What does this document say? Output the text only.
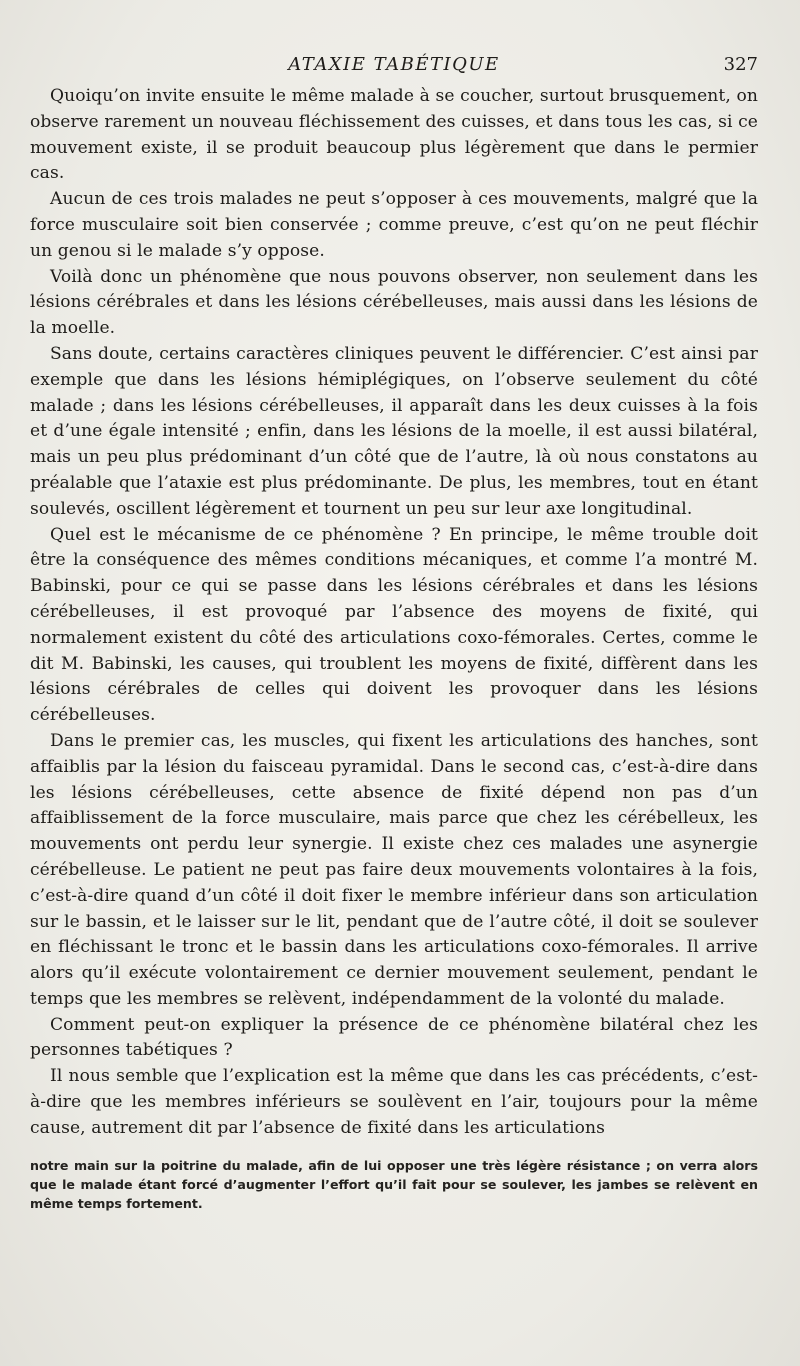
ATAXIE TABÉTIQUE	327

Quoiqu’on invite ensuite le même malade à se coucher, surtout brusquement, on observe rarement un nouveau fléchissement des cuisses, et dans tous les cas, si ce mouvement existe, il se produit beaucoup plus légèrement que dans le permier cas.

Aucun de ces trois malades ne peut s’opposer à ces mouvements, malgré que la force musculaire soit bien conservée ; comme preuve, c’est qu’on ne peut fléchir un genou si le malade s’y oppose.

Voilà donc un phénomène que nous pouvons observer, non seulement dans les lésions cérébrales et dans les lésions cérébelleuses, mais aussi dans les lésions de la moelle.

Sans doute, certains caractères cliniques peuvent le différencier. C’est ainsi par exemple que dans les lésions hémiplégiques, on l’observe seulement du côté malade ; dans les lésions cérébelleuses, il apparaît dans les deux cuisses à la fois et d’une égale intensité ; enfin, dans les lésions de la moelle, il est aussi bilatéral, mais un peu plus prédominant d’un côté que de l’autre, là où nous constatons au préalable que l’ataxie est plus prédominante. De plus, les membres, tout en étant soulevés, oscillent légèrement et tournent un peu sur leur axe longitudinal.

Quel est le mécanisme de ce phénomène ? En principe, le même trouble doit être la conséquence des mêmes conditions mécaniques, et comme l’a montré M. Babinski, pour ce qui se passe dans les lésions cérébrales et dans les lésions cérébelleuses, il est provoqué par l’absence des moyens de fixité, qui normalement existent du côté des articulations coxo-fémorales. Certes, comme le dit M. Babinski, les causes, qui troublent les moyens de fixité, diffèrent dans les lésions cérébrales de celles qui doivent les provoquer dans les lésions cérébelleuses.

Dans le premier cas, les muscles, qui fixent les articulations des hanches, sont affaiblis par la lésion du faisceau pyramidal. Dans le second cas, c’est-à-dire dans les lésions cérébelleuses, cette absence de fixité dépend non pas d’un affaiblissement de la force musculaire, mais parce que chez les cérébelleux, les mouvements ont perdu leur synergie. Il existe chez ces malades une asynergie cérébelleuse. Le patient ne peut pas faire deux mouvements volontaires à la fois, c’est-à-dire quand d’un côté il doit fixer le membre inférieur dans son articulation sur le bassin, et le laisser sur le lit, pendant que de l’autre côté, il doit se soulever en fléchissant le tronc et le bassin dans les articulations coxo-fémorales. Il arrive alors qu’il exécute volontairement ce dernier mouvement seulement, pendant le temps que les membres se relèvent, indépendamment de la volonté du malade.

Comment peut-on expliquer la présence de ce phénomène bilatéral chez les personnes tabétiques ?

Il nous semble que l’explication est la même que dans les cas précédents, c’est-à-dire que les membres inférieurs se soulèvent en l’air, toujours pour la même cause, autrement dit par l’absence de fixité dans les articulations

notre main sur la poitrine du malade, afin de lui opposer une très légère résistance ; on verra alors que le malade étant forcé d’augmenter l’effort qu’il fait pour se soulever, les jambes se relèvent en même temps fortement.
